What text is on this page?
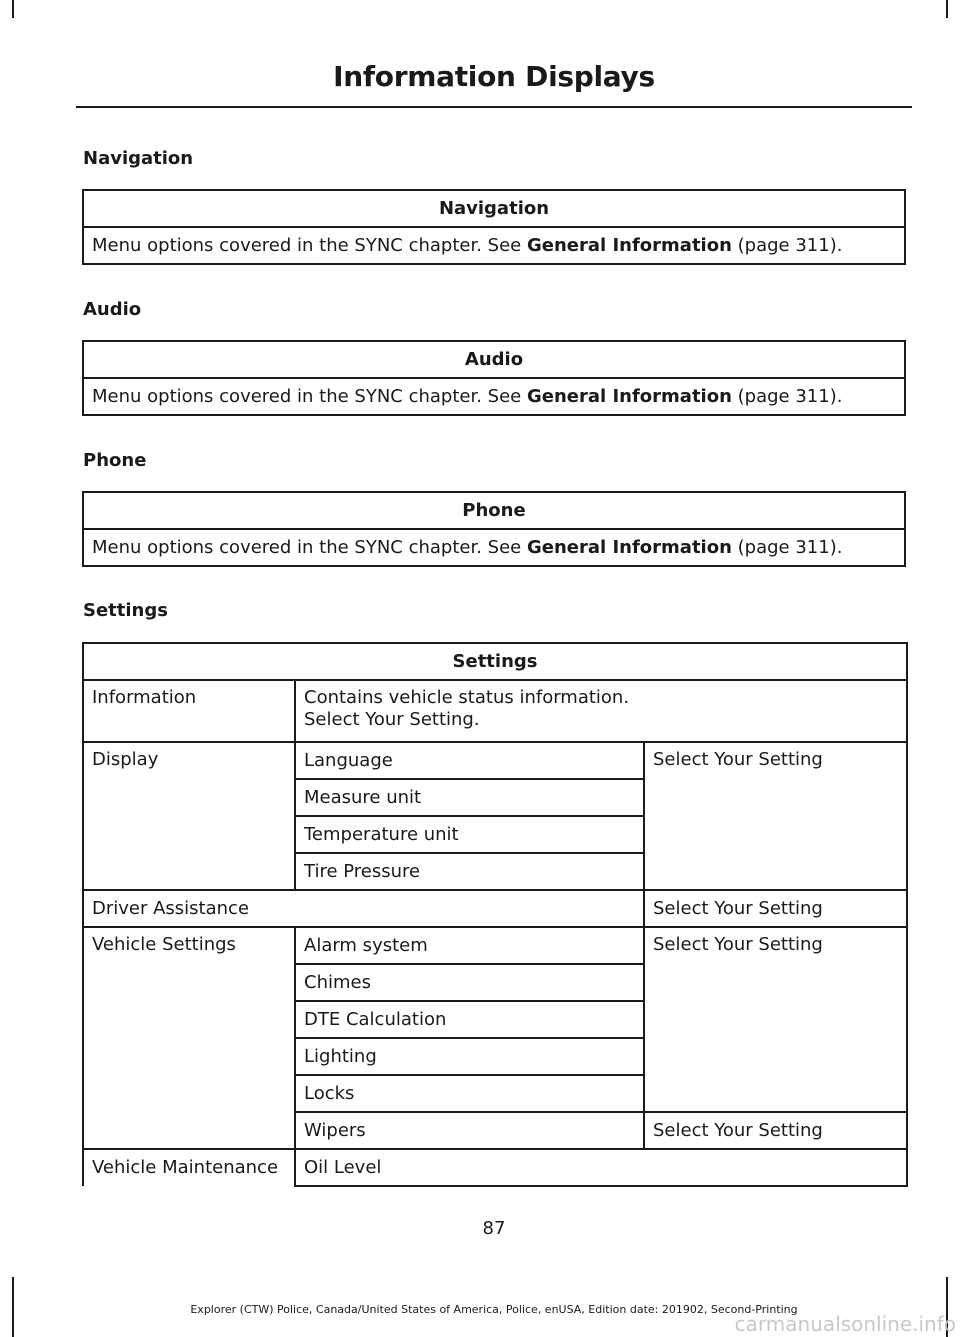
Information Displays
Navigation
Navigation
Menu options covered in the SYNC chapter. See General Information (page 311).
Audio
Audio
Menu options covered in the SYNC chapter. See General Information (page 311).
Phone
Phone
Menu options covered in the SYNC chapter. See General Information (page 311).
Settings
Settings		
Information	Contains vehicle status information.
Select Your Setting.	

Display	Language	Select Your Setting
	Measure unit	
	Temperature unit	
	Tire Pressure	
Driver Assistance		Select Your Setting
Vehicle Settings	Alarm system	Select Your Setting
	Chimes	
	DTE Calculation	
	Lighting	
	Locks	
	Wipers	Select Your Setting
Vehicle Maintenance	Oil Level	
87
Explorer (CTW) Police, Canada/United States of America, Police, enUSA, Edition date: 201902, Second-Printing
carmanualsonline.info
